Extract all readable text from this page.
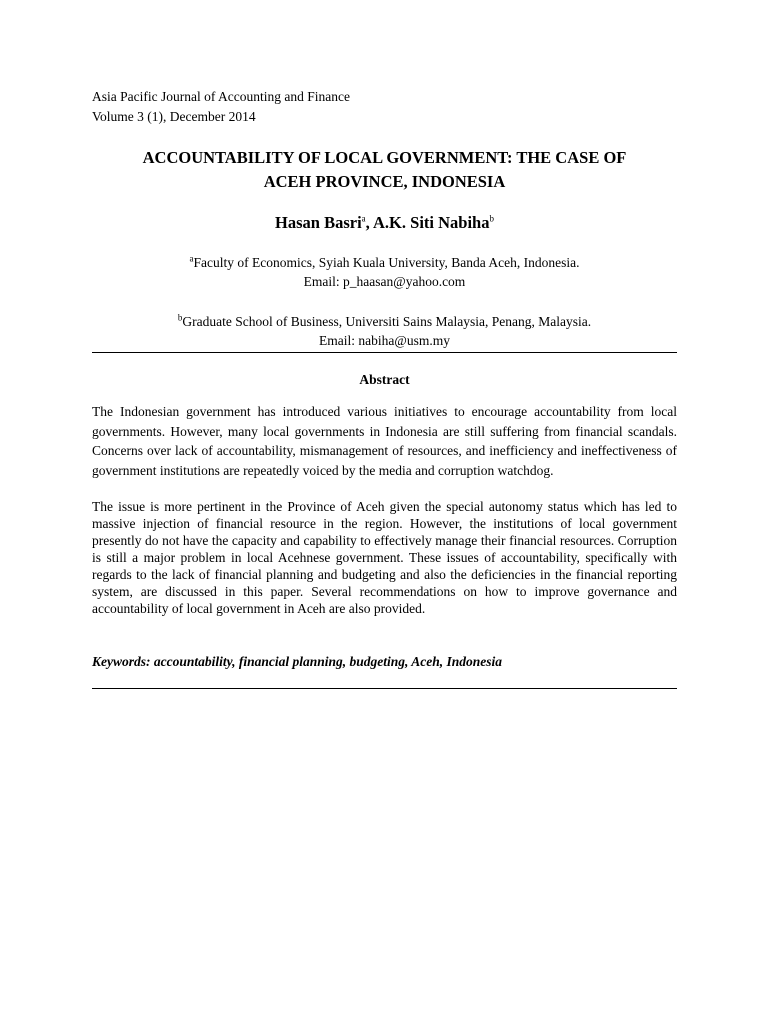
Asia Pacific Journal of Accounting and Finance
Volume 3 (1), December 2014
ACCOUNTABILITY OF LOCAL GOVERNMENT: THE CASE OF
ACEH PROVINCE, INDONESIA
Hasan Basri$^a$, A.K. Siti Nabiha$^b$
$^a$Faculty of Economics, Syiah Kuala University, Banda Aceh, Indonesia.
Email: p_haasan@yahoo.com
$^b$Graduate School of Business, Universiti Sains Malaysia, Penang, Malaysia.
Email: nabiha@usm.my
Abstract
The Indonesian government has introduced various initiatives to encourage accountability from local governments. However, many local governments in Indonesia are still suffering from financial scandals. Concerns over lack of accountability, mismanagement of resources, and inefficiency and ineffectiveness of government institutions are repeatedly voiced by the media and corruption watchdog.
The issue is more pertinent in the Province of Aceh given the special autonomy status which has led to massive injection of financial resource in the region. However, the institutions of local government presently do not have the capacity and capability to effectively manage their financial resources. Corruption is still a major problem in local Acehnese government. These issues of accountability, specifically with regards to the lack of financial planning and budgeting and also the deficiencies in the financial reporting system, are discussed in this paper. Several recommendations on how to improve governance and accountability of local government in Aceh are also provided.
Keywords: accountability, financial planning, budgeting, Aceh, Indonesia
